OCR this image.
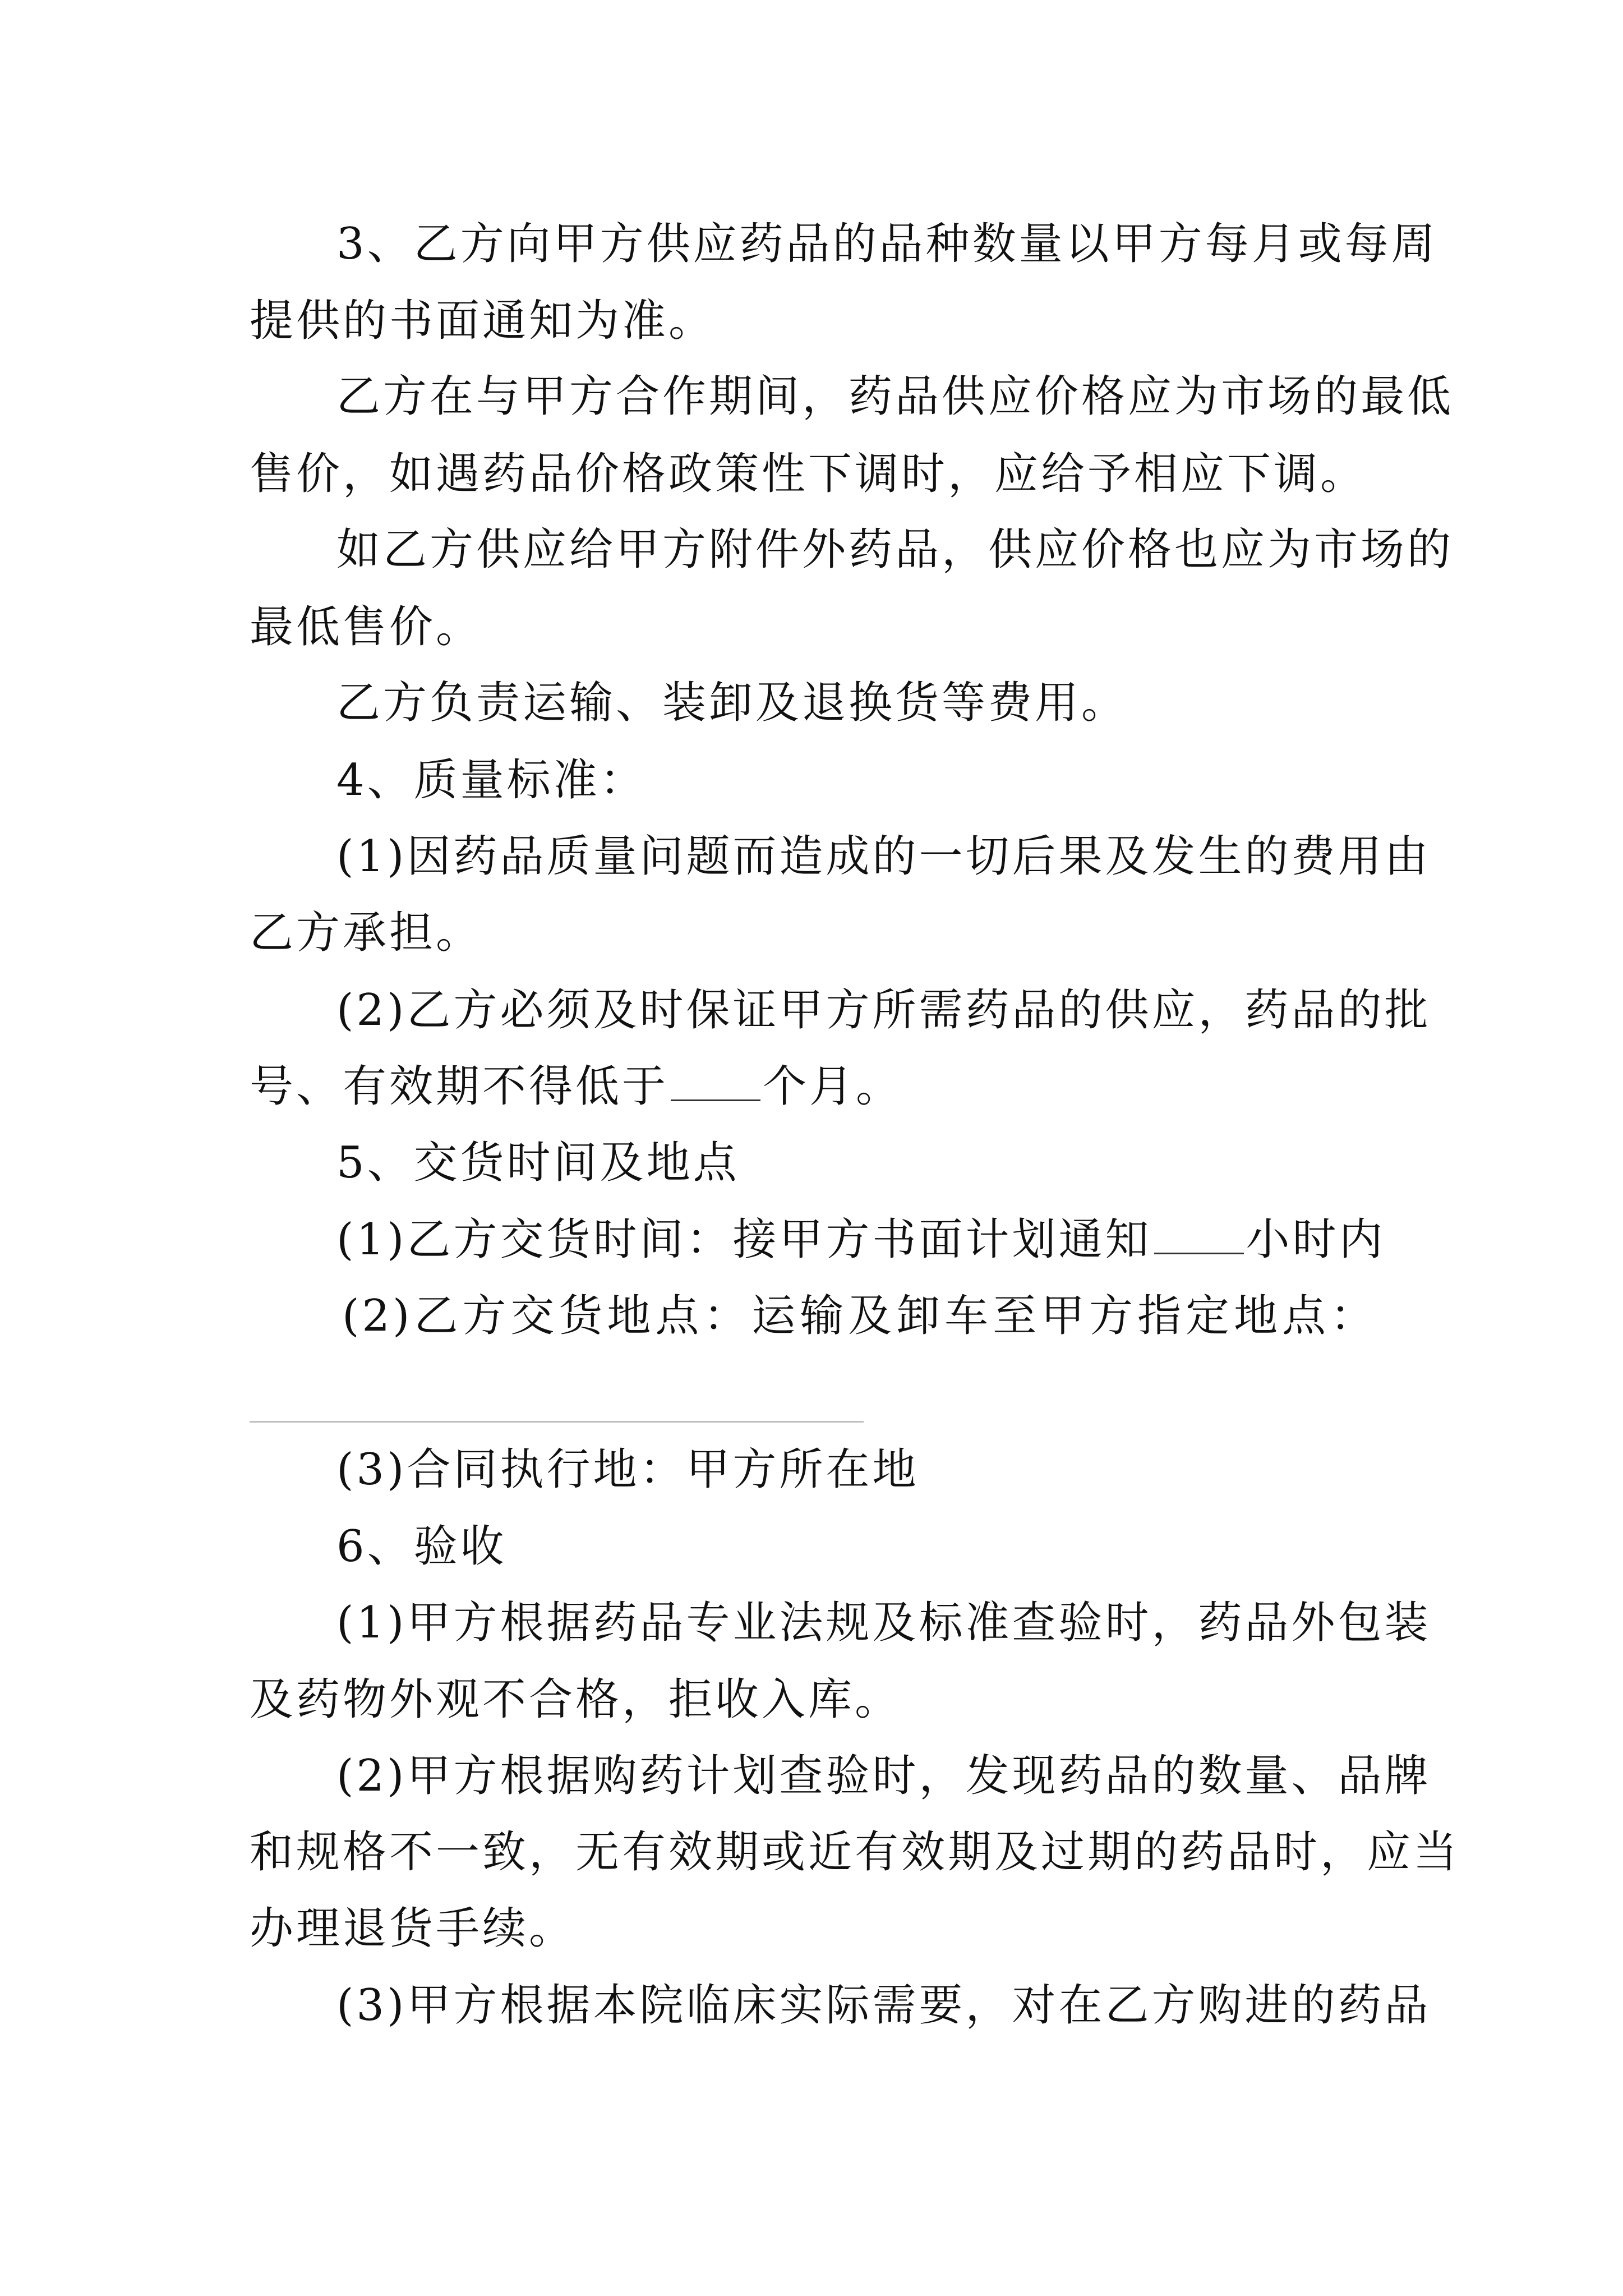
3、乙方向甲方供应药品的品种数量以甲方每月或每周
提供的书面通知为准。
乙方在与甲方合作期间，药品供应价格应为市场的最低
售价，如遇药品价格政策性下调时，应给予相应下调。
如乙方供应给甲方附件外药品，供应价格也应为市场的
最低售价。
乙方负责运输、装卸及退换货等费用。
4、质量标准：
(1)因药品质量问题而造成的一切后果及发生的费用由
乙方承担。
(2)乙方必须及时保证甲方所需药品的供应，药品的批
号、有效期不得低于 个月。
5、交货时间及地点
(1)乙方交货时间：接甲方书面计划通知 小时内
(2)乙方交货地点：运输及卸车至甲方指定地点：
(3)合同执行地：甲方所在地
6、验收
(1)甲方根据药品专业法规及标准查验时，药品外包装
及药物外观不合格，拒收入库。
(2)甲方根据购药计划查验时，发现药品的数量、品牌
和规格不一致，无有效期或近有效期及过期的药品时，应当
办理退货手续。
(3)甲方根据本院临床实际需要，对在乙方购进的药品
